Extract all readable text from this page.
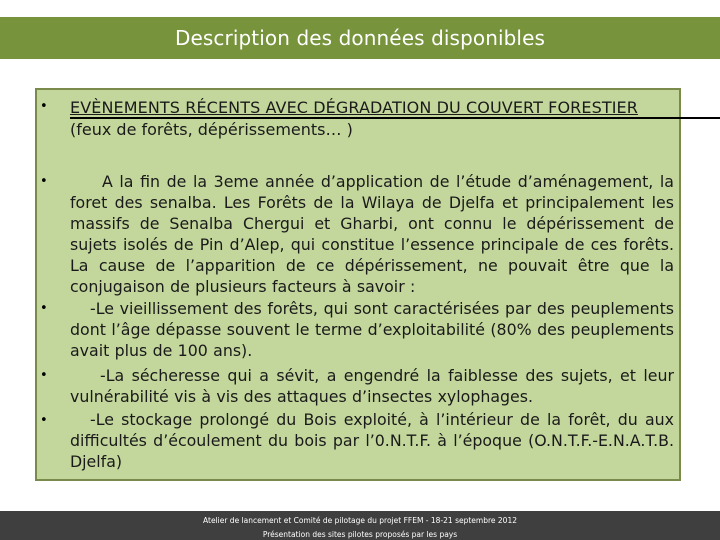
Description des données disponibles
• EVÈNEMENTS RÉCENTS AVEC DÉGRADATION DU COUVERT FORESTIER
(feux de forêts, dépérissements… )
•	A la fin de la 3eme année d’application de l’étude d’aménagement, la foret des senalba. Les Forêts de la Wilaya de Djelfa et principalement les massifs de Senalba Chergui et Gharbi, ont connu le dépérissement de sujets isolés de Pin d’Alep, qui constitue l’essence principale de ces forêts. La cause de l’apparition de ce dépérissement, ne pouvait être que la conjugaison de plusieurs facteurs à savoir :
•	-Le vieillissement des forêts, qui sont caractérisées par des peuplements dont l’âge dépasse souvent le terme d’exploitabilité (80% des peuplements avait plus de 100 ans).
•	-La sécheresse qui a sévit, a engendré la faiblesse des sujets, et leur vulnérabilité vis à vis des attaques d’insectes xylophages.
•	-Le stockage prolongé du Bois exploité, à l’intérieur de la forêt, du aux difficultés d’écoulement du bois par l’0.N.T.F. à l’époque (O.N.T.F.-E.N.A.T.B. Djelfa)
Atelier de lancement et Comité de pilotage du projet FFEM - 18-21 septembre 2012
Présentation des sites pilotes proposés par les pays
